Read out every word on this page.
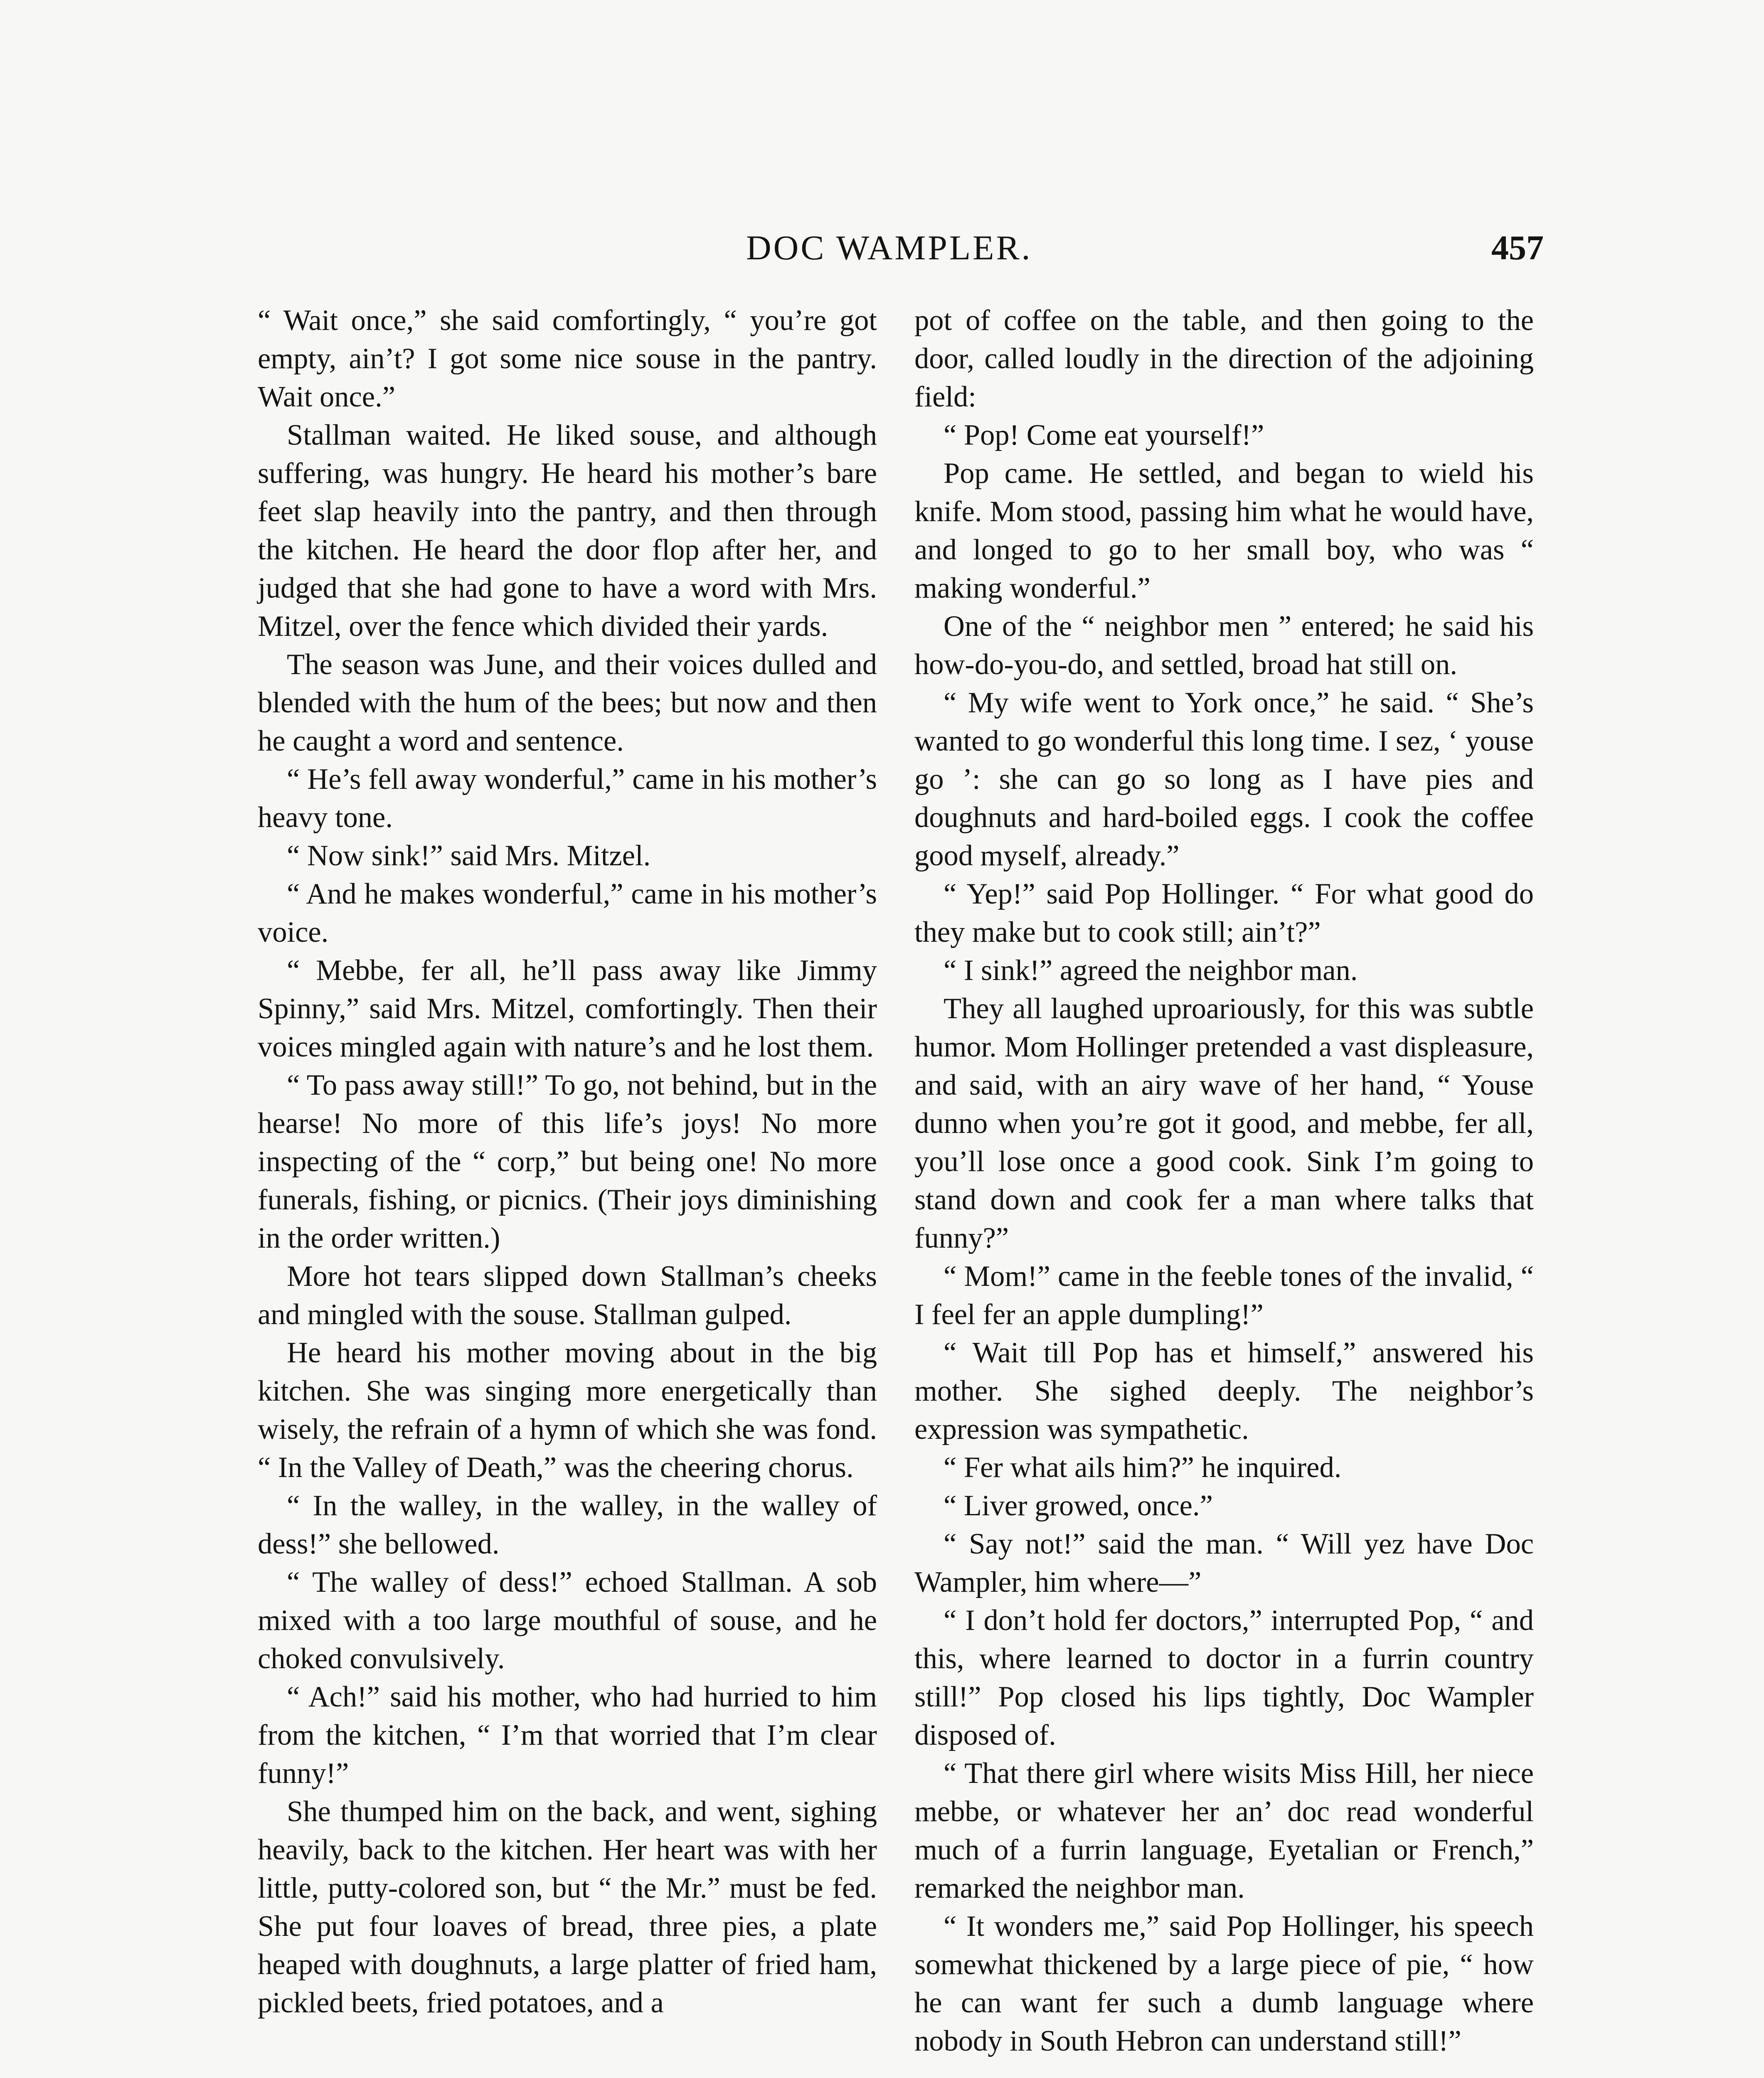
DOC WAMPLER.	457

“ Wait once,” she said comfortingly, “ you’re got empty, ain’t? I got some nice souse in the pantry. Wait once.”

Stallman waited. He liked souse, and although suffering, was hungry. He heard his mother’s bare feet slap heavily into the pantry, and then through the kitchen. He heard the door flop after her, and judged that she had gone to have a word with Mrs. Mitzel, over the fence which divided their yards.

The season was June, and their voices dulled and blended with the hum of the bees; but now and then he caught a word and sentence.

“ He’s fell away wonderful,” came in his mother’s heavy tone.

“ Now sink!” said Mrs. Mitzel.

“ And he makes wonderful,” came in his mother’s voice.

“ Mebbe, fer all, he’ll pass away like Jimmy Spinny,” said Mrs. Mitzel, comfortingly. Then their voices mingled again with nature’s and he lost them.

“ To pass away still!” To go, not behind, but in the hearse! No more of this life’s joys! No more inspecting of the “ corp,” but being one! No more funerals, fishing, or picnics. (Their joys diminishing in the order written.)

More hot tears slipped down Stallman’s cheeks and mingled with the souse. Stallman gulped.

He heard his mother moving about in the big kitchen. She was singing more energetically than wisely, the refrain of a hymn of which she was fond. “ In the Valley of Death,” was the cheering chorus.

“ In the walley, in the walley, in the walley of dess!” she bellowed.

“ The walley of dess!” echoed Stallman. A sob mixed with a too large mouthful of souse, and he choked convulsively.

“ Ach!” said his mother, who had hurried to him from the kitchen, “ I’m that worried that I’m clear funny!”

She thumped him on the back, and went, sighing heavily, back to the kitchen. Her heart was with her little, putty-colored son, but “ the Mr.” must be fed. She put four loaves of bread, three pies, a plate heaped with doughnuts, a large platter of fried ham, pickled beets, fried potatoes, and a

pot of coffee on the table, and then going to the door, called loudly in the direction of the adjoining field:

“ Pop! Come eat yourself!”

Pop came. He settled, and began to wield his knife. Mom stood, passing him what he would have, and longed to go to her small boy, who was “ making wonderful.”

One of the “ neighbor men ” entered; he said his how-do-you-do, and settled, broad hat still on.

“ My wife went to York once,” he said. “ She’s wanted to go wonderful this long time. I sez, ‘ youse go ’: she can go so long as I have pies and doughnuts and hard-boiled eggs. I cook the coffee good myself, already.”

“ Yep!” said Pop Hollinger. “ For what good do they make but to cook still; ain’t?”

“ I sink!” agreed the neighbor man.

They all laughed uproariously, for this was subtle humor. Mom Hollinger pretended a vast displeasure, and said, with an airy wave of her hand, “ Youse dunno when you’re got it good, and mebbe, fer all, you’ll lose once a good cook. Sink I’m going to stand down and cook fer a man where talks that funny?”

“ Mom!” came in the feeble tones of the invalid, “ I feel fer an apple dumpling!”

“ Wait till Pop has et himself,” answered his mother. She sighed deeply. The neighbor’s expression was sympathetic.

“ Fer what ails him?” he inquired.

“ Liver growed, once.”

“ Say not!” said the man. “ Will yez have Doc Wampler, him where—”

“ I don’t hold fer doctors,” interrupted Pop, “ and this, where learned to doctor in a furrin country still!” Pop closed his lips tightly, Doc Wampler disposed of.

“ That there girl where wisits Miss Hill, her niece mebbe, or whatever her an’ doc read wonderful much of a furrin language, Eyetalian or French,” remarked the neighbor man.

“ It wonders me,” said Pop Hollinger, his speech somewhat thickened by a large piece of pie, “ how he can want fer such a dumb language where nobody in South Hebron can understand still!”
